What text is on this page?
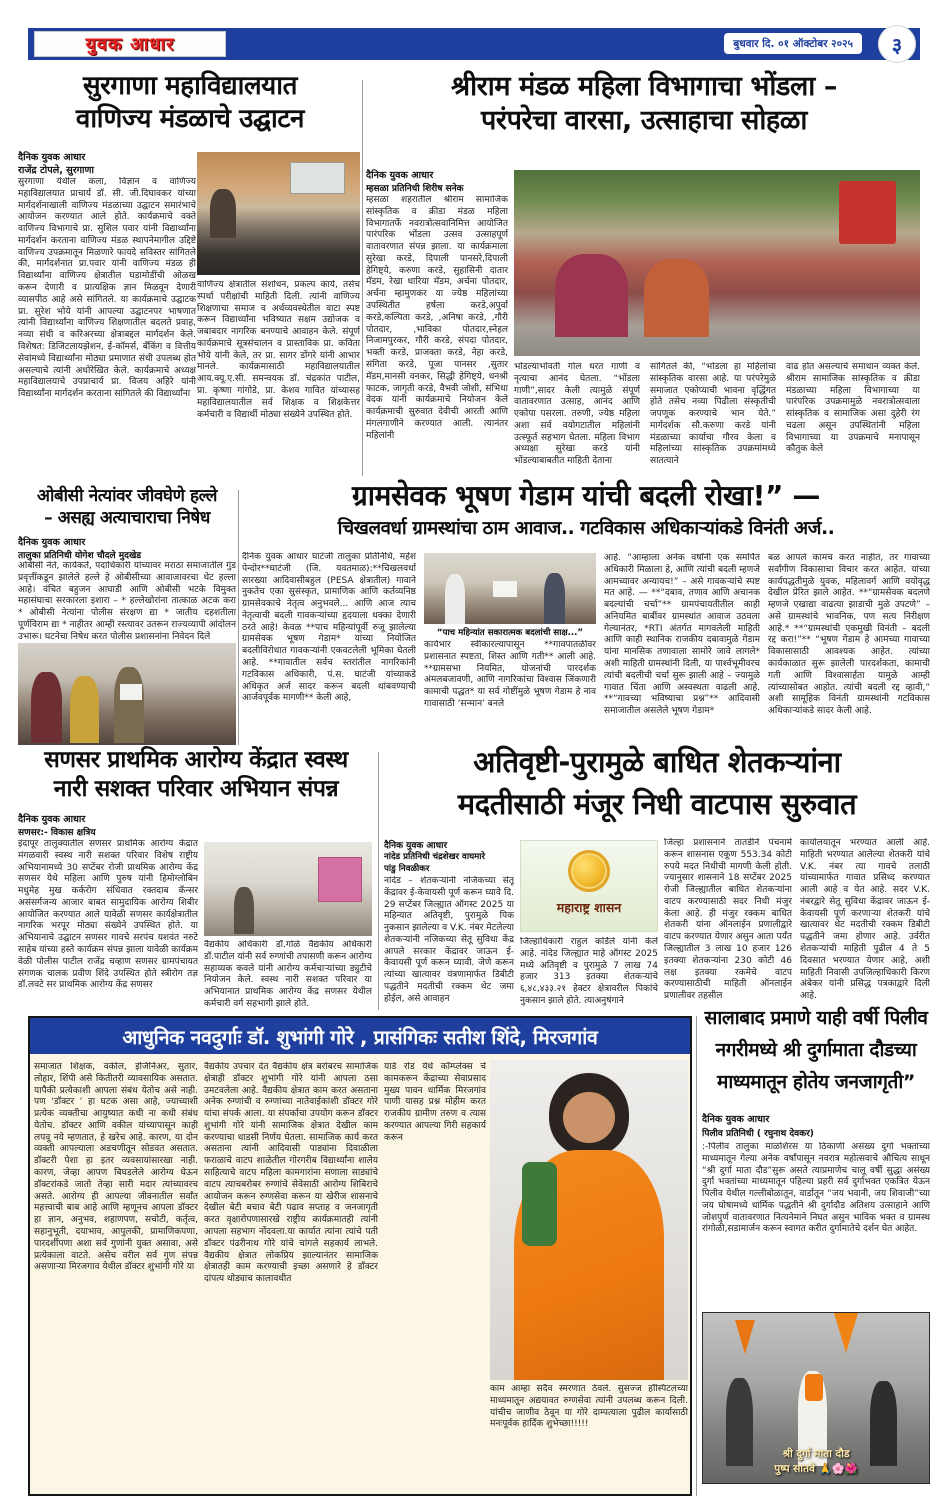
युवक आधार	बुधवार दि. ०१ ऑक्टोबर २०२५	३
सुरगाणा महाविद्यालयात
वाणिज्य मंडळाचे उद्घाटन
दैनिक युवक आधार
राजेंद्र टोपले, सुरगाणा
सुरगाणा येथील कला, विज्ञान व वाणिज्य महाविद्यालयात प्राचार्य डॉ. सी. जी.दिघावकर यांच्या मार्गदर्शनाखाली वाणिज्य मंडळाच्या उद्घाटन समारंभाचे आयोजन करण्यात आले होते. कार्यक्रमाचे वक्ते वाणिज्य विभागाचे प्रा. सुशिल पवार यांनी विद्यार्थ्यांना मार्गदर्शन करताना वाणिज्य मंडळ स्थापनेमागील उद्दिष्टे वाणिज्य उपक्रमातून मिळणारे फायदे सविस्तर सांगितले की, मार्गदर्शनात प्रा.पवार यांनी वाणिज्य मंडळ ही विद्यार्थ्यांना वाणिज्य क्षेत्रातील घडामोडींची ओळख करून देणारी व प्रात्यक्षिक ज्ञान मिळवून देणारी व्यासपीठ आहे असे सांगितले. या कार्यक्रमाचे उद्घाटक प्रा. सुरेश भोये यांनी आपल्या उद्घाटनपर भाषणात त्यांनी विद्यार्थ्यांना वाणिज्य शिक्षणातील बदलते प्रवाह, नव्या संधी व करिअरच्या क्षेत्राबद्दल मार्गदर्शन केले. विशेषत: डिजिटलायझेशन, ई-कॉमर्स, बँकिंग व वित्तीय सेवांमध्ये विद्यार्थ्यांना मोठ्या प्रमाणात संधी उपलब्ध होत असल्याचे त्यांनी अधोरेखित केले. कार्यक्रमाचे अध्यक्ष महाविद्यालयाचे उपप्राचार्य प्रा. विजय अहिरे यांनी विद्यार्थ्यांना मार्गदर्शन करताना सांगितले की विद्यार्थ्यांना
वाणिज्य क्षेत्रातील संशोधन, प्रकल्प कार्य, तसेच स्पर्धा परीक्षांची माहिती दिली. त्यांनी वाणिज्य शिक्षणाचा समाज व अर्थव्यवस्थेतील वाटा स्पष्ट करून विद्यार्थ्यांना भविष्यात सक्षम उद्योजक व जबाबदार नागरिक बनण्याचे आवाहन केले. संपूर्ण कार्यक्रमाचे सूत्रसंचालन व प्रास्ताविक प्रा. कविता भोये यांनी केले, तर प्रा. सागर डोंगरे यांनी आभार मानले. कार्यक्रमासाठी महाविद्यालयातील आय.क्यू.ए.सी. समन्वयक डॉ. चंद्रकांत पाटील, प्रा. कृष्णा गांगोडे, प्रा. केशव गावित यांच्यासह महाविद्यालयातील सर्व शिक्षक व शिक्षकेत्तर कर्मचारी व विद्यार्थी मोठ्या संख्येने उपस्थित होते.
श्रीराम मंडळ महिला विभागाचा भोंडला –
परंपरेचा वारसा, उत्साहाचा सोहळा
दैनिक युवक आधार
म्हसळा प्रतिनिधी शिरीष सनेक
म्हसळा शहरातील श्रीराम सामाजिक सांस्कृतिक व क्रीडा मंडळ महिला विभागातर्फे नवरात्रोत्सवानिमित्त आयोजित पारंपरिक भोंडला उत्सव उत्साहपूर्ण वातावरणात संपन्न झाला. या कार्यक्रमाला सुरेखा करडे, दिपाली पानसरे,दिपाली हेगिष्ट्ये, करुणा करडे, सुहासिनी दातार मॅडम, रेखा धारिया मॅडम, अर्चना पोतदार, अर्चना म्हामुणकर या ज्येष्ठ महिलांच्या उपस्थितीत हर्षला करडे,अपुर्वा करडे,कल्पिता करडे, ,अनिषा करडे, ,गौरी पोतदार, ,भाविका पोतदार,स्नेहल निजामपुरकर, गौरी करडे, संपदा पोतदार, भक्ती करडे, प्राजक्ता करडे, नेहा करडे, संगिता करडे, पूजा पानसर ,सुतार मॅडम,मानसी वनकर, सिद्धी हेगिष्ट्ये, धनश्री फाटक, जागृती करडे, वैभवी जोशी, संभिधा वेदक यांनी कार्यक्रमाचे नियोजन केले कार्यक्रमाची सुरुवात देवीची आरती आणि मंगलगाणीने करण्यात आली. त्यानंतर महिलांनी
भोंडल्याभोवती गोल धरत गाणी व नृत्याचा आनंद घेतला. “भोंडला गाणी”,सादर केली त्यामुळे संपूर्ण वातावरणात उत्साह, आनंद आणि एकोपा पसरला. तरुणी, ज्येष्ठ महिला अशा सर्व वयोगटातील महिलांनी उत्स्फूर्त सहभाग घेतला. महिला विभाग अध्यक्षा सुरेखा करडे यांनी भोंडल्याबाबतीत माहिती देताना
सांगितले की, “भोंडला हा महिलांचा सांस्कृतिक वारसा आहे. या परंपरेमुळे समाजात एकोप्याची भावना वृद्धिंगत होते तसेच नव्या पिढीला संस्कृतीची जपणूक करण्याचे भान येते.” मार्गदर्शक सौ.करुणा करडे यांनी मंडळाच्या कार्याचा गौरव केला व महिलांच्या सांस्कृतिक उपक्रमांमध्ये सातत्याने
वाढ होत असल्याचे समाधान व्यक्त केले. श्रीराम सामाजिक सांस्कृतिक व क्रीडा मंडळाच्या महिला विभागाच्या या पारंपरिक उपक्रमामुळे नवरात्रोत्सवाला सांस्कृतिक व सामाजिक असा दुहेरी रंग चढला असून उपस्थितांनी महिला विभागाच्या या उपक्रमाचे मनापासून कौतुक केले
ओबीसी नेत्यांवर जीवघेणे हल्ले
– असह्य अत्याचाराचा निषेध
दैनिक युवक आधार
तालुका प्रतिनिधी योगेश चौदले मुदखेड
ओबीसी नेते, कार्यकर्ते, पदाधिकारी यांच्यावर मराठा समाजातील गुंड प्रवृत्तींकडून झालेले हल्ले हे ओबीसीच्या आवाजावरचा थेट हल्ला आहे। वंचित बहुजन आघाडी आणि ओबीसी भटके विमुक्त महासंघाचा सरकारला इशारा – * हल्लेखोरांना तात्काळ अटक करा * ओबीसी नेत्यांना पोलीस संरक्षण द्या * जातीय दहशतीला पूर्णविराम द्या * नाहीतर आम्ही रस्त्यावर उतरून राज्यव्यापी आंदोलन उभारू। घटनेचा निषेध करत पोलीस प्रशासनांना निवेदन दिले
ग्रामसेवक भूषण गेडाम यांची बदली रोखा!” —
चिखलवर्धा ग्रामस्थांचा ठाम आवाज.. गटविकास अधिकाऱ्यांकडे विनंती अर्ज..
दैनिक युवक आधार घाटंजी तालुका प्रतिनिधि, महेश पेन्दोर**घाटंजी (जि. यवतमाळ):**चिखलवर्धा सारख्या आदिवासीबहुल (PESA क्षेत्रातील) गावाने नुकतेच एका सुसंस्कृत, प्रामाणिक आणि कर्तव्यनिष्ठ ग्रामसेवकाचे नेतृत्व अनुभवले... आणि आज त्याच नेतृत्वाची बदली गावकऱ्यांच्या हृदयाला धक्का देणारी ठरते आहे! केवळ **पाच महिन्यांपूर्वी रुजू झालेल्या ग्रामसेवक भूषण गेडाम* यांच्या नियोजित बदलीविरोधात गावकऱ्यांनी एकवटलेली भूमिका घेतली आहे. **गावातील सर्वच स्तरांतील नागरिकांनी गटविकास अधिकारी, पं.स. घाटंजी यांच्याकडे अधिकृत अर्ज सादर करून बदली थांबवण्याची आर्जवपूर्वक मागणी** केली आहे,
“पाच महिन्यांत सकारात्मक बदलांची साक्ष...”
कार्यभार स्वीकारल्यापासून **गावपातळीवर प्रशासनात स्पष्टता, शिस्त आणि गती** आली आहे. **ग्रामसभा नियमित, योजनांची पारदर्शक अंमलबजावणी, आणि नागरिकांचा विश्वास जिंकणारी कामाची पद्धत* या सर्व गोष्टींमुळे भूषण गेडाम हे नाव गावासाठी ‘सन्मान’ बनले
आहे. “आम्हाला अनेक वर्षांनी एक समर्पित अधिकारी मिळाला हे, आणि त्यांची बदली म्हणजे आमच्यावर अन्यायच!” – असे गावकऱ्यांचे स्पष्ट मत आहे. — **“दबाव, तणाव आणि अचानक बदल्यांची चर्चा”** ग्रामपंचायतीतील काही अनियमित बाबींवर ग्रामस्थांत आवाज उठवला गेल्यानंतर, *RTI अंतर्गत मागवलेली माहिती आणि काही स्थानिक राजकीय दबावामुळे गेडाम यांना मानसिक तणावाला सामोरे जावे लागले* अशी माहिती ग्रामस्थांनी दिली, या पार्श्वभूमीवरच त्यांची बदलीची चर्चा सुरू झाली आहे – ज्यामुळे गावात चिंता आणि अस्वस्थता वाढली आहे. **“गावच्या भविष्याचा प्रश्न”** आदिवासी समाजातील असलेले भूषण गेडाम*
बळ आपले कामच करत नाहीत, तर गावाच्या सर्वांगीण विकासाचा विचार करत आहेत. यांच्या कार्यपद्धतीमुळे युवक, महिलावर्ग आणि वयोवृद्ध देखील प्रेरित झाले आहेत. **“ग्रामसेवक बदलणे म्हणजे एखाद्या वाढत्या झाडाची मुळे उपटणे” – असे ग्रामस्थांचे भावनिक, पण सत्य निरीक्षण आहे.* **“ग्रामस्थांची एकमुखी विनंती – बदली रद्द करा!”** “भूषण गेडाम हे आमच्या गावाच्या विकासासाठी आवश्यक आहेत. त्यांच्या कार्यकाळात सुरू झालेली पारदर्शकता, कामाची गती आणि विश्वासार्हता यामुळे आम्ही त्यांच्यासोबत आहोत. त्यांची बदली रद्द व्हावी,” अशी सामूहिक विनंती ग्रामस्थांनी गटविकास अधिकाऱ्यांकडे सादर केली आहे.
सणसर प्राथमिक आरोग्य केंद्रात स्वस्थ
नारी सशक्त परिवार अभियान संपन्न
दैनिक युवक आधार
सणसर:- विकास क्षत्रिय
इंदापूर तालुक्यातील सणसर प्राथमिक आरोग्य केंद्रात मंगळवारी स्वस्थ नारी सशक्त परिवार विशेष राष्ट्रीय अभियानामध्ये 30 सप्टेंबर रोजी प्राथमिक आरोग्य केंद्र सणसर येथे महिला आणि पुरुष यांनी हिमोग्लोबिन मधुमेह मुख कर्करोग संधिवात रक्तदाब कॅन्सर असंसर्गजन्य आजार बाबत सामुदायिक आरोग्य शिबीर आयोजित करण्यात आले यावेळी सणसर कार्यक्षेत्रातील नागरिक भरपूर मोठ्या संख्येने उपस्थित होते. या अभियानाचे उद्घाटन सणसर गावचे सरपंच यशवंत नरुटे साहेब यांच्या हस्ते कार्यक्रम संपन्न झाला यावेळी कार्यक्रम वेळी पोलीस पाटील राजेंद्र चव्हाण सणसर ग्रामपंचायत संगणक चालक प्रवीण शिंदे उपस्थित होते स्त्रीरोग तज्ञ डॉ.लवटे सर प्राथमिक आरोग्य केंद्र सणसर
वैद्यकीय अधिकारी डॉ.गोळे वैद्यकीय अधिकारी डॉ.पाटील यांनी सर्व रुग्णांची तपासणी करून आरोग्य सहाय्यक कवले यांनी आरोग्य कर्मचाऱ्यांच्या ड्युटीचे नियोजन केले. स्वस्थ नारी सशक्त परिवार या अभियानात प्राथमिक आरोग्य केंद्र सणसर येथील कर्मचारी वर्ग सहभागी झाले होते.
अतिवृष्टी-पुरामुळे बाधित शेतकऱ्यांना
मदतीसाठी मंजूर निधी वाटपास सुरुवात
दैनिक युवक आधार
नांदेड प्रतिनिधी चंद्रशेखर वाघमारे
पांडु निवळीकर
नांदेड – शेतकऱ्यांनी नजिकच्या सेतू केंद्रावर ई-केवायसी पूर्ण करून घ्यावे दि. 29 सप्टेंबर जिल्ह्यात ऑगस्ट 2025 या महिन्यात अतिवृष्टी, पुरामुळे पिक नुकसान झालेल्या व V.K. नंबर मेटलेल्या शेतकऱ्यांनी नजिकच्या सेतू सुविधा केंद्र आपले सरकार केंद्रावर जाऊन ई-केवायसी पूर्ण करून घ्यावी. जेणे करून त्यांच्या खात्यावर यंत्रणामार्फत डिबीटी पद्धतीने मदतीची रक्कम थेट जमा होईल, असे आवाहन
महाराष्ट्र शासन
जिल्हाधिकारी राहुल कर्डिले यांनी केले आहे. नांदेड जिल्ह्यात माहे ऑगस्ट 2025 मध्ये अतिवृष्टी व पुरामुळे 7 लाख 74 हजार 313 इतक्या शेतकऱ्यांचे ६,४८,४३३.२१ हेक्टर क्षेत्रावरील पिकांचे नुकसान झाले होते. त्याअनुषंगाने
जिल्हा प्रशासनाने तातडीने पंचनामे करून शासनास एकूण 553.34 कोटी रुपये मदत निधीची मागणी केली होती. ज्यानुसार शासनाने 18 सप्टेंबर 2025 रोजी जिल्ह्यातील बाधित शेतकऱ्यांना वाटप करण्यासाठी सदर निधी मंजुर केला आहे. ही मंजुर रक्कम बाधित शेतकरी यांना ऑनलाईन प्रणालीद्वारे वाटप करण्यात येणार असुन आता पर्यंत जिल्ह्यातील 3 लाख 10 हजार 126 इतक्या शेतकऱ्यांना 230 कोटी 46 लक्ष इतक्या रकमेचे वाटप करण्यासाठीची माहिती ऑनलाईन प्रणालीवर तहसील
कार्यालयातून भरण्यात आली आहे. माहिती भरण्यात आलेल्या शेतकरी यांचे V.K. नंबर त्या गावचे तलाठी यांच्यामार्फत गावात प्रसिध्द करण्यात आली आहे व येत आहे. सदर V.K. नंबरद्वारे सेतू सुविधा केंद्रावर जाऊन ई-केवायसी पूर्ण करणाऱ्या शेतकरी यांचे खात्यावर थेट मदतीची रक्कम डिबीटी पद्धतीने जमा होणार आहे. उर्वरीत शेतकऱ्यांची माहिती पुढील 4 ते 5 दिवसात भरण्यात येणार आहे, अशी माहिती निवासी उपजिल्हाधिकारी किरण अंबेकर यांनी प्रसिद्ध पत्रकाद्वारे दिली आहे.
आधुनिक नवदुर्गाः डॉ. शुभांगी गोरे , प्रासंगिकः सतीश शिंदे, मिरजगांव
समाजात शिक्षक, वकील, इंजिनिअर, सुतार, लोहार, शिंपी असे कितीतरी व्यावसायिक असतात. यापैकी प्रत्येकाशी आपला संबंध येतोच असे नाही. पण ‘डॉक्टर ’ हा घटक असा आहे, ज्याच्याशी प्रत्येक व्यक्तीचा आयुष्यात कधी ना कधी संबंध येतोच. डॉक्टर आणि वकील यांच्यापासून काही लपवू नये म्हणतात, हे खरेच आहे. कारण, या दोन व्यक्ती आपल्याला अडचणीतून सोडवत असतात. डॉक्टरी पेशा हा इतर व्यवसायांसारखा नाही. कारण, जेव्हा आपण बिघडलेले आरोग्य घेऊन डॉक्टरांकडे जातो तेव्हा सारी मदार त्यांच्यावरच असते. आरोग्य ही आपल्या जीवनातील सर्वांत महत्त्वाची बाब आहे आणि म्हणूनच आपला डॉक्टर हा ज्ञान, अनुभव, शहाणपण, सचोटी, कर्तृत्व, सहानुभूती, दयाभाव, आपुलकी, प्रामाणिकपणा, पारदर्शीपणा अशा सर्व गुणांनी युक्त असावा, असे प्रत्येकाला वाटते. असेच वरील सर्व गुण संपन्न असणाऱ्या मिरजगाव येथील डॉक्टर शुभांगी गोरे या
वैद्यकीय उपचार देत वैद्यकीय क्षेत्र बरोबरच सामाजिक क्षेत्राही डॉक्टर शुभांगी गोरे यांनी आपला ठसा उमटवलेला आहे. वैद्यकीय क्षेत्रात काम करत असताना अनेक रुग्णांची व रुग्णांच्या नातेवाईकांशी डॉक्टर गोरे यांचा संपर्क आला. या संपर्काचा उपयोग करून डॉक्टर शुभांगी गोरे यांनी सामाजिक क्षेत्रात देखील काम करण्याचा धाडसी निर्णय घेतला. सामाजिक कार्य करत असताना त्यांनी आदिवासी पाड्यांना दिवाळीला फराळाचे वाटप शाळेतील गोरगरीब विद्यार्थ्यांना शालेय साहित्याचे वाटप महिला कामगारांना सणाला साड्यांचे वाटप त्याचबरोबर रुग्णांचे सेवेसाठी आरोग्य शिबिराचे आयोजन करून रुग्णसेवा करून या खेरीज शासनाचे देखील बेटी बचाव बेटी पढाव सप्ताह व जनजागृती करत वृक्षारोपणासारखे राष्ट्रीय कार्यक्रमातही त्यांनी आपला सहभाग नोंदवला.या कार्यात त्यांना त्यांचे पती डॉक्टर पंढरीनाथ गोरे यांचे चांगले सहकार्य लाभले. वैद्यकीय क्षेत्रात लोकप्रिय झाल्यानंतर सामाजिक क्षेत्रातही काम करण्याची इच्छा असणारे हे डॉक्टर दांपत्य थोड्याच कालावधीत
यार्ड रोड येथे कॉम्प्लेक्स चे कामकरून केंद्राच्या सेवाप्रसाद मुख्य पावन धार्मिक मिरजगांव पाणी यासह प्रश्न मोहीम करत राजकीय ग्रामीण तरुण व त्यास करण्यात आपल्या गिरी सहकार्य करून
काम आम्हा सदैव स्मरणात ठेवले. सुसज्ज हॉस्पिटलच्या माध्यमातून अद्ययावत रुग्णसेवा त्यांनी उपलब्ध करून दिली. यांचीच जाणीव ठेवून या गोरे दाम्पत्याला पुढील कार्यासाठी मनःपूर्वक हार्दिक शुभेच्छा!!!!!
सालाबाद प्रमाणे याही वर्षी पिलीव
नगरीमध्ये श्री दुर्गामाता दौडच्या
माध्यमातून होतेय जनजागृती”
दैनिक युवक आधार
पिलीव प्रतिनिधी ( रघुनाथ देवकर)
:-पिलीव तालुका माळशिरस या ठिकाणी असंख्य दुर्गा भक्तांच्या माध्यमातून गेल्या अनेक वर्षांपासून नवरात्र महोत्सवाचे औचित्य साधून “श्री दुर्गा माता दौड”सुरू असते त्याप्रमाणेच चालू वर्षी सुद्धा असंख्य दुर्गा भक्तांच्या माध्यमातून पहिल्या प्रहरी सर्व दुर्गाभक्त एकत्रित येऊन पिलीव येथील गल्लीबोळातून, वार्डातून “जय भवानी, जय शिवाजी”च्या जय घोषामध्ये धार्मिक पद्धतीने श्री दुर्गादौड अतिशय उत्साहाने आणि जोशपुर्ण वातावरणात नित्यनेमाने निघत असुन भाविक भक्त व ग्रामस्थ रांगोळी,सडामार्जन करून स्वागत करीत दुर्गामातेचे दर्शन घेत आहेत.
श्री दुर्गा माता दौड
पुष्प सातवे 🙏🌸🌺
